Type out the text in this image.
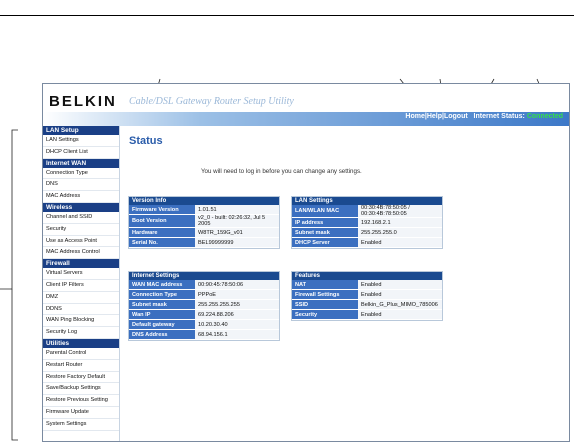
BELKIN Cable/DSL Gateway Router Setup Utility
Home|Help|Logout Internet Status: Connected
LAN Setup
LAN Settings
DHCP Client List
Internet WAN
Connection Type
DNS
MAC Address
Wireless
Channel and SSID
Security
Use as Access Point
MAC Address Control
Firewall
Virtual Servers
Client IP Filters
DMZ
DDNS
WAN Ping Blocking
Security Log
Utilities
Parental Control
Restart Router
Restore Factory Default
Save/Backup Settings
Restore Previous Setting
Firmware Update
System Settings
Status
You will need to log in before you can change any settings.
Version Info
Firmware Version	1.01.51
Boot Version	v2_0 - built: 02:26:32, Jul 5 2005
Hardware	W8TR_159G_v01
Serial No.	BEL99999999
LAN Settings
LAN/WLAN MAC	00:30:4B:78:50:05 / 00:30:4B:78:50:05
IP address	192.168.2.1
Subnet mask	255.255.255.0
DHCP Server	Enabled
Internet Settings
WAN MAC address	00:90:45:78:50:06
Connection Type	PPPoE
Subnet mask	255.255.255.255
Wan IP	69.224.88.206
Default gateway	10.20.30.40
DNS Address	68.94.156.1
Features
NAT	Enabled
Firewall Settings	Enabled
SSID	Belkin_G_Plus_MIMO_785006
Security	Enabled
